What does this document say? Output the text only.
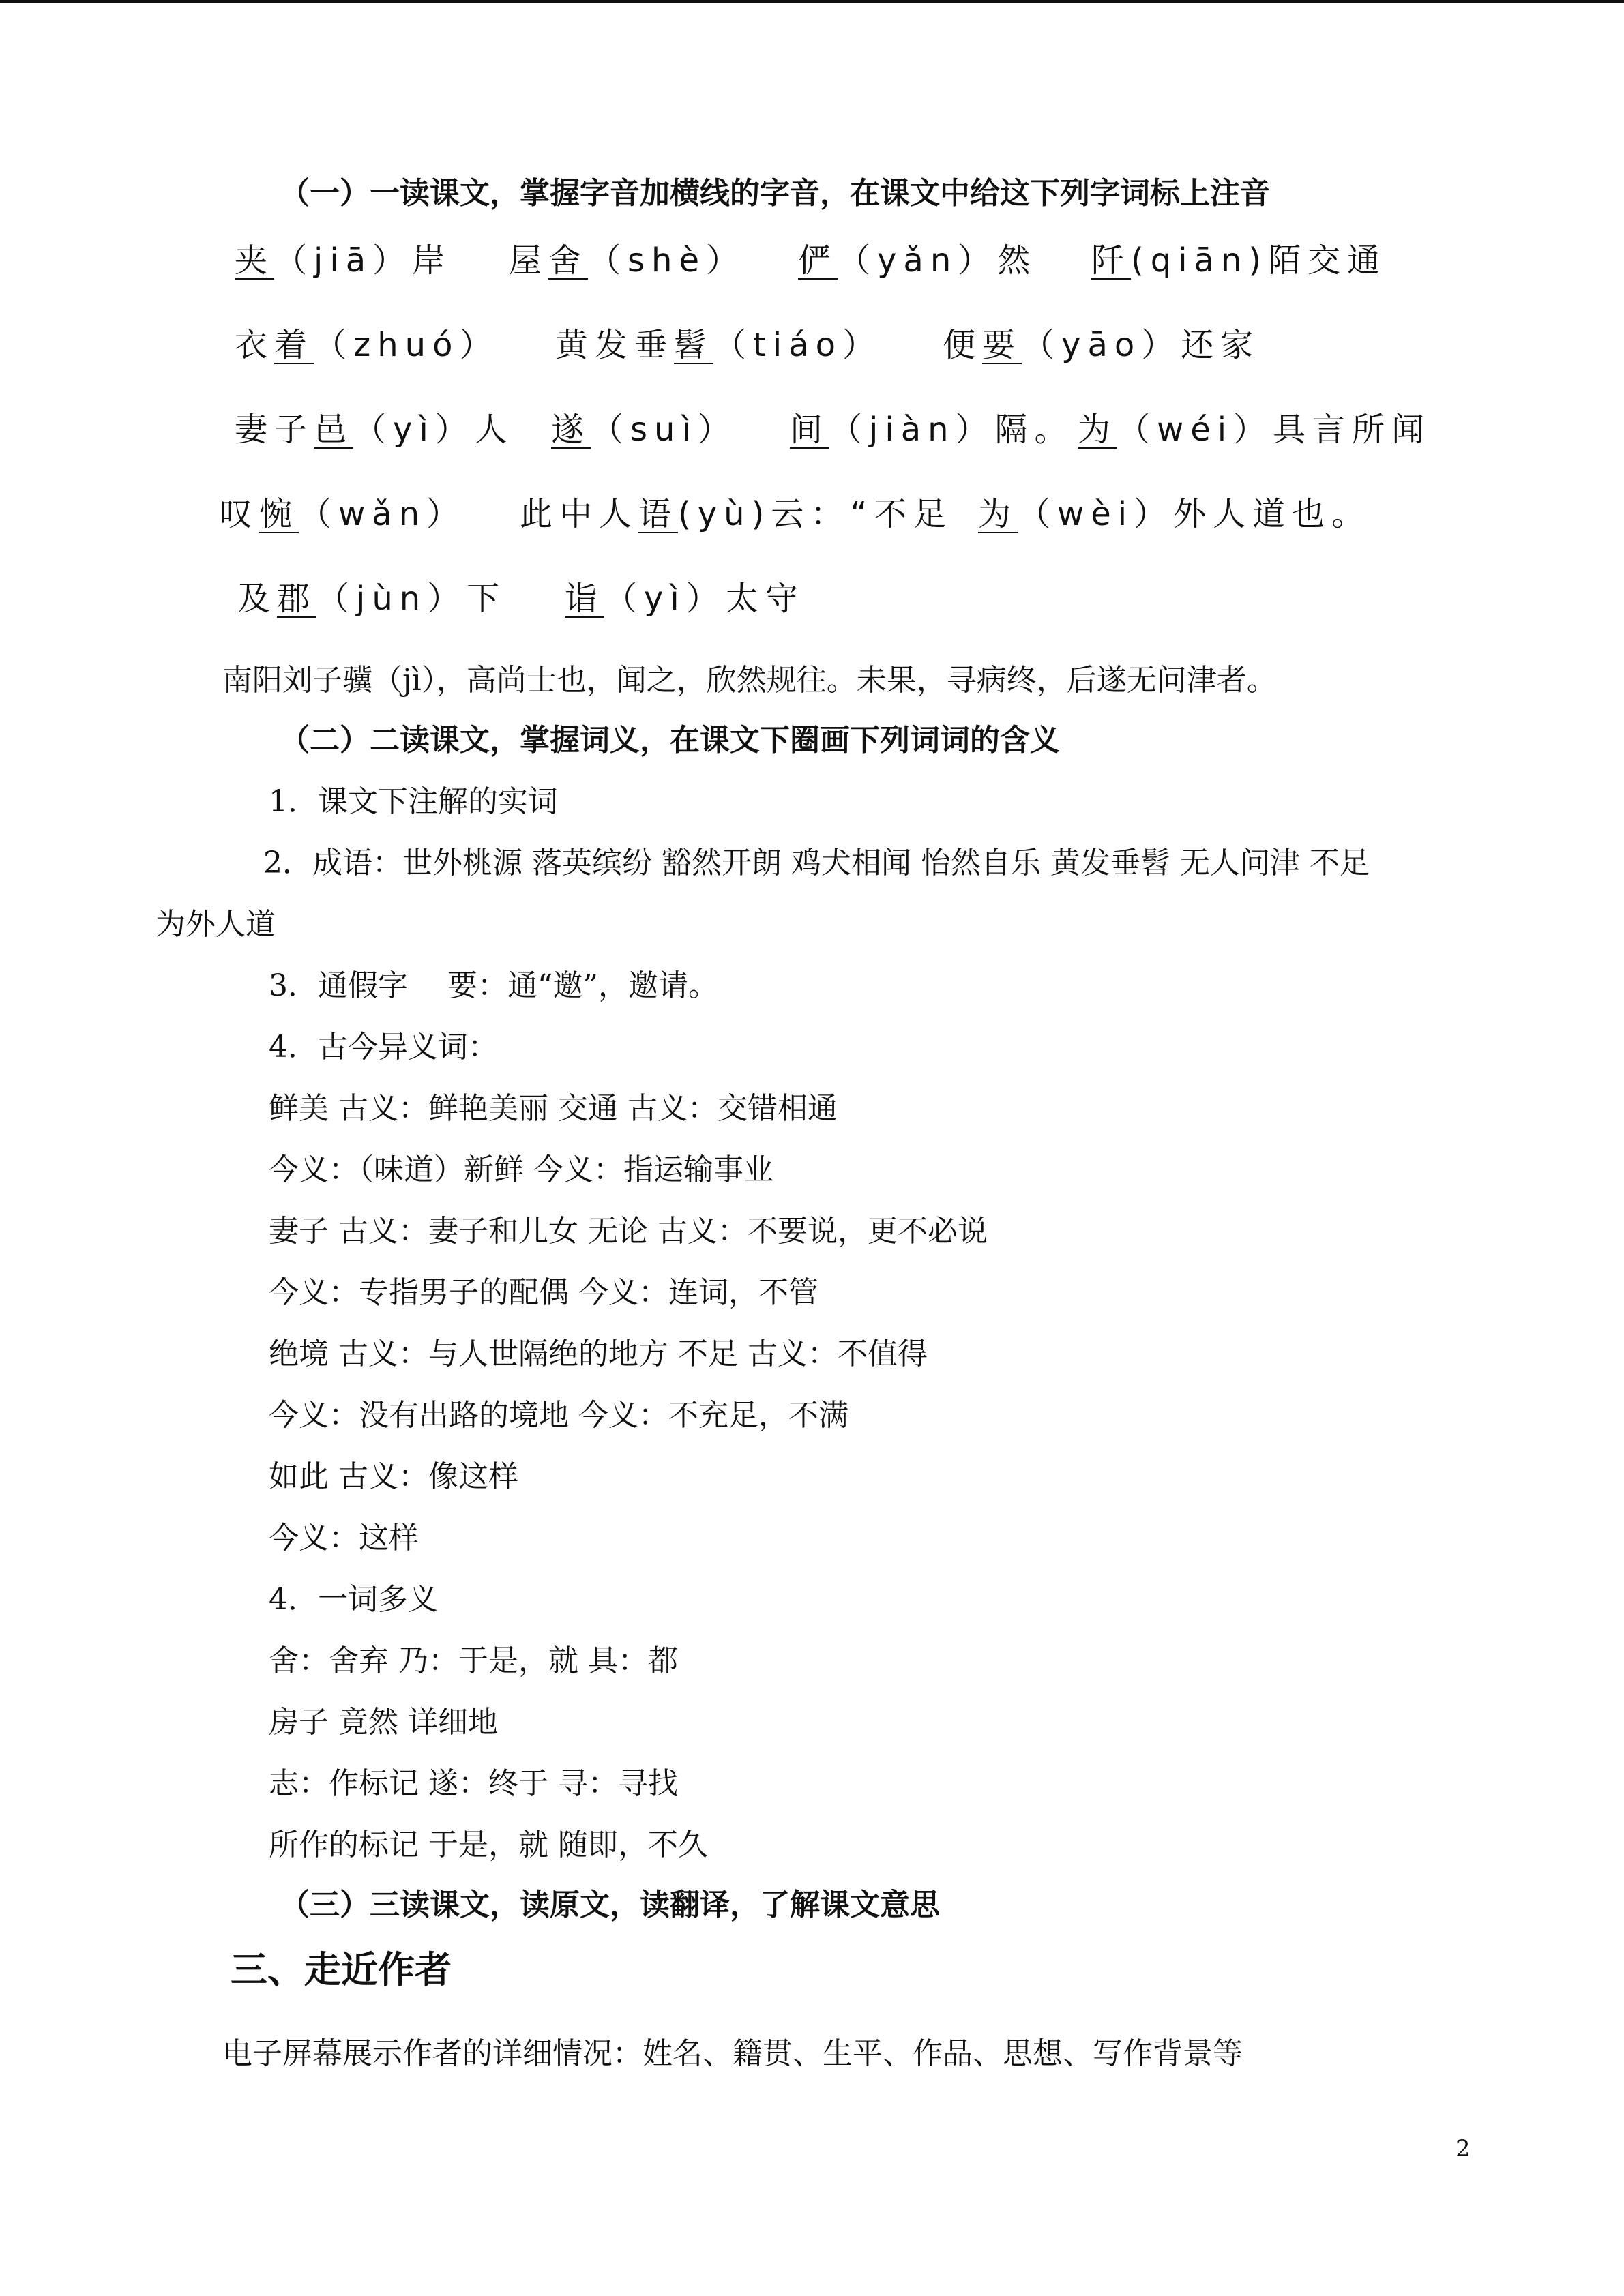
（一）一读课文，掌握字音加横线的字音，在课文中给这下列字词标上注音
夹（jiā）岸 屋舍（shè） 俨（yǎn）然 阡(qiān)陌交通
衣着（zhuó） 黄发垂髫（tiáo） 便要（yāo）还家
妻子邑（yì）人 遂（suì） 间（jiàn）隔。 为（wéi）具言所闻
叹惋（wǎn） 此中人语(yù)云：“不足 为（wèi）外人道也。
及郡（jùn）下 诣（yì）太守
南阳刘子骥（jì），高尚士也，闻之，欣然规往。未果，寻病终，后遂无问津者。
（二）二读课文，掌握词义，在课文下圈画下列词词的含义
1．课文下注解的实词
2．成语：世外桃源 落英缤纷 豁然开朗 鸡犬相闻 怡然自乐 黄发垂髫 无人问津 不足
为外人道
3．通假字　 要：通“邀”，邀请。
4．古今异义词：
鲜美 古义：鲜艳美丽 交通 古义：交错相通
今义：（味道）新鲜 今义：指运输事业
妻子 古义：妻子和儿女 无论 古义：不要说，更不必说
今义：专指男子的配偶 今义：连词，不管
绝境 古义：与人世隔绝的地方 不足 古义：不值得
今义：没有出路的境地 今义：不充足，不满
如此 古义：像这样
今义：这样
4．一词多义
舍：舍弃 乃：于是，就 具：都
房子 竟然 详细地
志：作标记 遂：终于 寻：寻找
所作的标记 于是，就 随即，不久
（三）三读课文，读原文，读翻译，了解课文意思
三、走近作者
电子屏幕展示作者的详细情况：姓名、籍贯、生平、作品、思想、写作背景等
2
